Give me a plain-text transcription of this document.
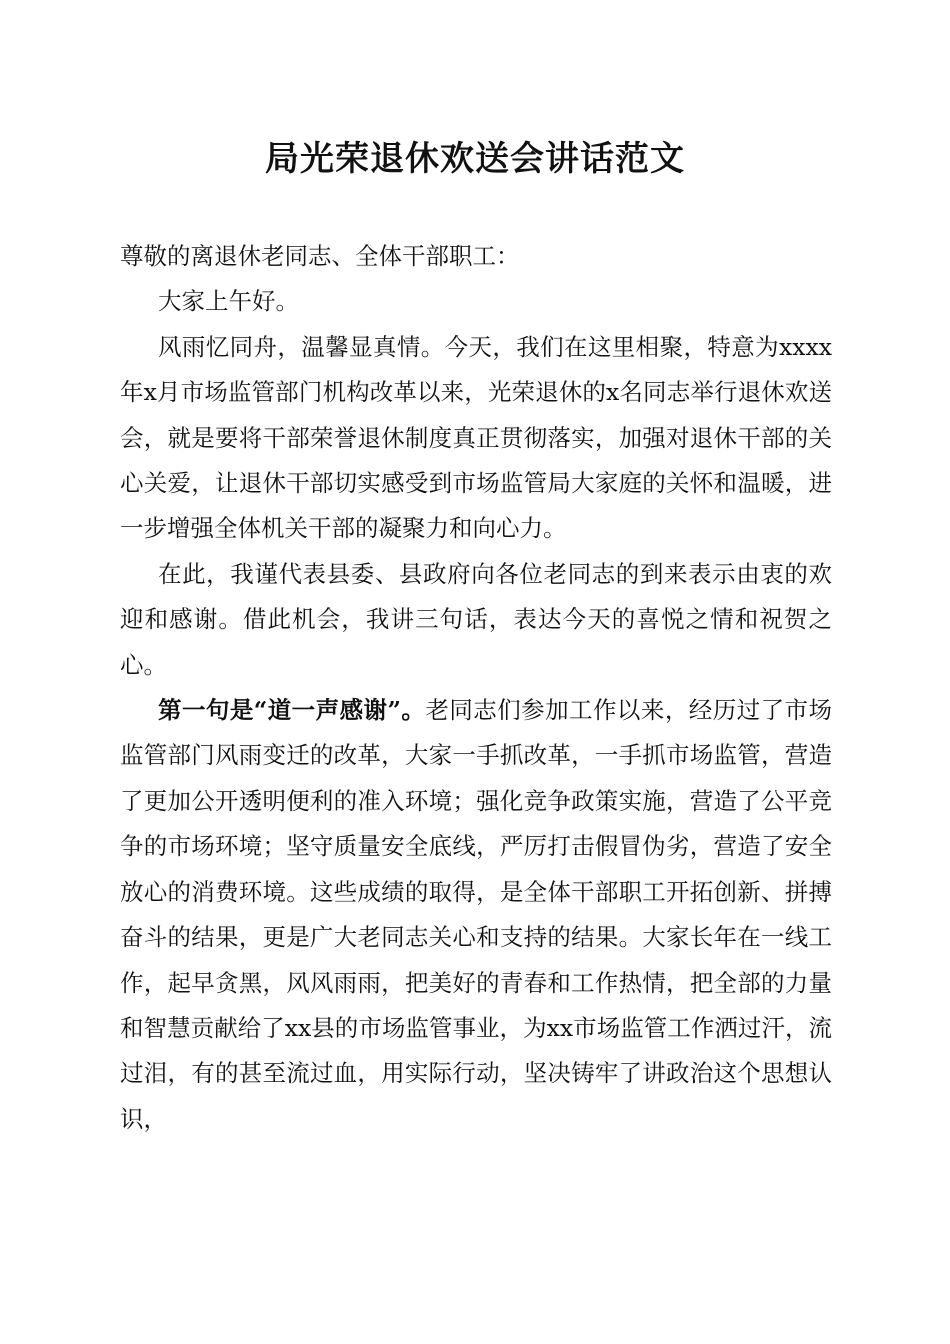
局光荣退休欢送会讲话范文

尊敬的离退休老同志、全体干部职工：

大家上午好。

风雨忆同舟，温馨显真情。今天，我们在这里相聚，特意为xxxx年x月市场监管部门机构改革以来，光荣退休的x名同志举行退休欢送会，就是要将干部荣誉退休制度真正贯彻落实，加强对退休干部的关心关爱，让退休干部切实感受到市场监管局大家庭的关怀和温暖，进一步增强全体机关干部的凝聚力和向心力。

在此，我谨代表县委、县政府向各位老同志的到来表示由衷的欢迎和感谢。借此机会，我讲三句话，表达今天的喜悦之情和祝贺之心。

第一句是“道一声感谢”。老同志们参加工作以来，经历过了市场监管部门风雨变迁的改革，大家一手抓改革，一手抓市场监管，营造了更加公开透明便利的准入环境；强化竞争政策实施，营造了公平竞争的市场环境；坚守质量安全底线，严厉打击假冒伪劣，营造了安全放心的消费环境。这些成绩的取得，是全体干部职工开拓创新、拼搏奋斗的结果，更是广大老同志关心和支持的结果。大家长年在一线工作，起早贪黑，风风雨雨，把美好的青春和工作热情，把全部的力量和智慧贡献给了xx县的市场监管事业，为xx市场监管工作洒过汗，流过泪，有的甚至流过血，用实际行动，坚决铸牢了讲政治这个思想认识，
